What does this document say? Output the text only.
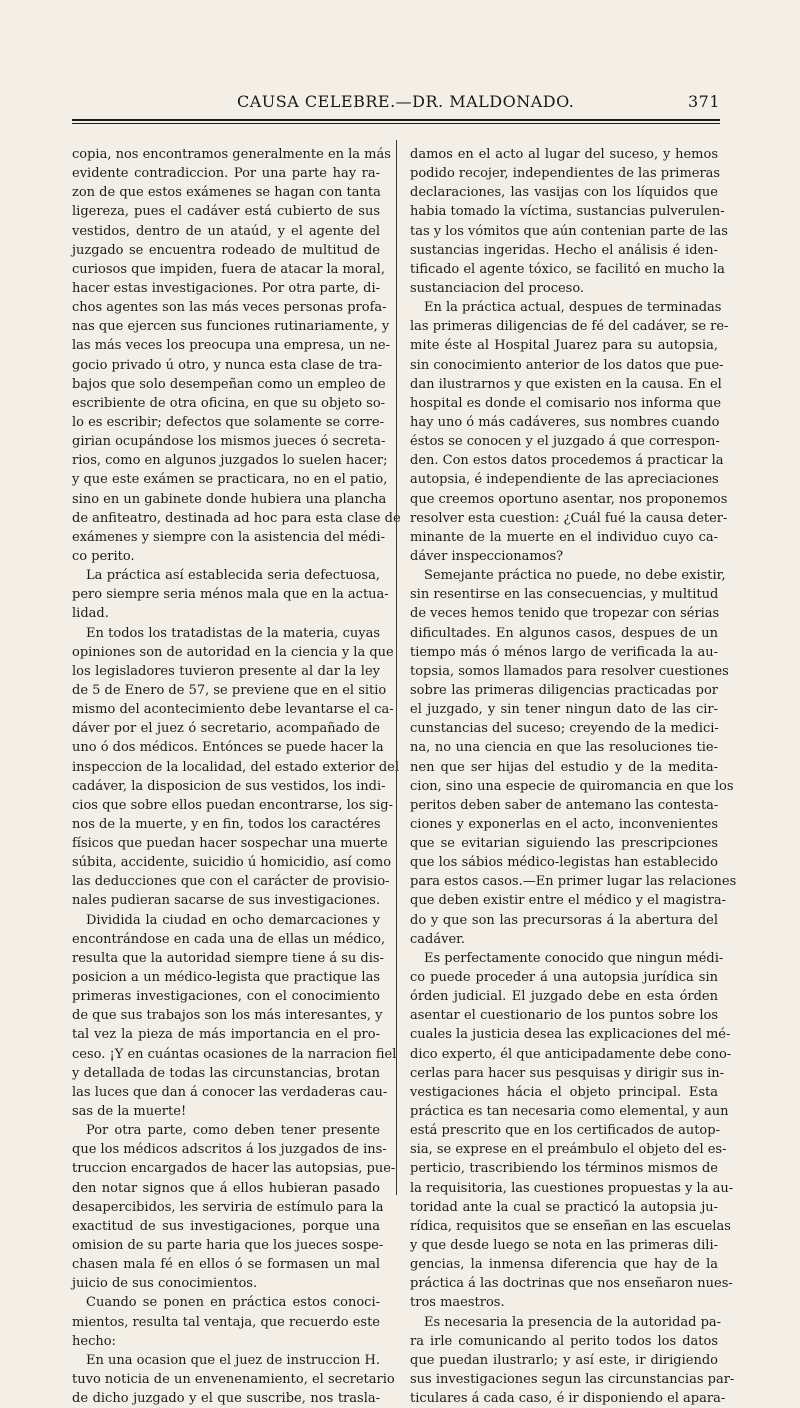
CAUSA CELEBRE.—DR. MALDONADO.	371
copia, nos encontramos generalmente en la más
evidente contradiccion. Por una parte hay ra-
zon de que estos exámenes se hagan con tanta
ligereza, pues el cadáver está cubierto de sus
vestidos, dentro de un ataúd, y el agente del
juzgado se encuentra rodeado de multitud de
curiosos que impiden, fuera de atacar la moral,
hacer estas investigaciones. Por otra parte, di-
chos agentes son las más veces personas profa-
nas que ejercen sus funciones rutinariamente, y
las más veces los preocupa una empresa, un ne-
gocio privado ú otro, y nunca esta clase de tra-
bajos que solo desempeñan como un empleo de
escribiente de otra oficina, en que su objeto so-
lo es escribir; defectos que solamente se corre-
girian ocupándose los mismos jueces ó secreta-
rios, como en algunos juzgados lo suelen hacer;
y que este exámen se practicara, no en el patio,
sino en un gabinete donde hubiera una plancha
de anfiteatro, destinada ad hoc para esta clase de
exámenes y siempre con la asistencia del médi-
co perito.
La práctica así establecida seria defectuosa,
pero siempre seria ménos mala que en la actua-
lidad.
En todos los tratadistas de la materia, cuyas
opiniones son de autoridad en la ciencia y la que
los legisladores tuvieron presente al dar la ley
de 5 de Enero de 57, se previene que en el sitio
mismo del acontecimiento debe levantarse el ca-
dáver por el juez ó secretario, acompañado de
uno ó dos médicos. Entónces se puede hacer la
inspeccion de la localidad, del estado exterior del
cadáver, la disposicion de sus vestidos, los indi-
cios que sobre ellos puedan encontrarse, los sig-
nos de la muerte, y en fin, todos los caractéres
físicos que puedan hacer sospechar una muerte
súbita, accidente, suicidio ú homicidio, así como
las deducciones que con el carácter de provisio-
nales pudieran sacarse de sus investigaciones.
Dividida la ciudad en ocho demarcaciones y
encontrándose en cada una de ellas un médico,
resulta que la autoridad siempre tiene á su dis-
posicion a un médico-legista que practique las
primeras investigaciones, con el conocimiento
de que sus trabajos son los más interesantes, y
tal vez la pieza de más importancia en el pro-
ceso. ¡Y en cuántas ocasiones de la narracion fiel
y detallada de todas las circunstancias, brotan
las luces que dan á conocer las verdaderas cau-
sas de la muerte!
Por otra parte, como deben tener presente
que los médicos adscritos á los juzgados de ins-
truccion encargados de hacer las autopsias, pue-
den notar signos que á ellos hubieran pasado
desapercibidos, les serviria de estímulo para la
exactitud de sus investigaciones, porque una
omision de su parte haria que los jueces sospe-
chasen mala fé en ellos ó se formasen un mal
juicio de sus conocimientos.
Cuando se ponen en práctica estos conoci-
mientos, resulta tal ventaja, que recuerdo este
hecho:
En una ocasion que el juez de instruccion H.
tuvo noticia de un envenenamiento, el secretario
de dicho juzgado y el que suscribe, nos trasla-
damos en el acto al lugar del suceso, y hemos
podido recojer, independientes de las primeras
declaraciones, las vasijas con los líquidos que
habia tomado la víctima, sustancias pulverulen-
tas y los vómitos que aún contenian parte de las
sustancias ingeridas. Hecho el análisis é iden-
tificado el agente tóxico, se facilitó en mucho la
sustanciacion del proceso.
En la práctica actual, despues de terminadas
las primeras diligencias de fé del cadáver, se re-
mite éste al Hospital Juarez para su autopsia,
sin conocimiento anterior de los datos que pue-
dan ilustrarnos y que existen en la causa. En el
hospital es donde el comisario nos informa que
hay uno ó más cadáveres, sus nombres cuando
éstos se conocen y el juzgado á que correspon-
den. Con estos datos procedemos á practicar la
autopsia, é independiente de las apreciaciones
que creemos oportuno asentar, nos proponemos
resolver esta cuestion: ¿Cuál fué la causa deter-
minante de la muerte en el individuo cuyo ca-
dáver inspeccionamos?
Semejante práctica no puede, no debe existir,
sin resentirse en las consecuencias, y multitud
de veces hemos tenido que tropezar con sérias
dificultades. En algunos casos, despues de un
tiempo más ó ménos largo de verificada la au-
topsia, somos llamados para resolver cuestiones
sobre las primeras diligencias practicadas por
el juzgado, y sin tener ningun dato de las cir-
cunstancias del suceso; creyendo de la medici-
na, no una ciencia en que las resoluciones tie-
nen que ser hijas del estudio y de la medita-
cion, sino una especie de quiromancia en que los
peritos deben saber de antemano las contesta-
ciones y exponerlas en el acto, inconvenientes
que se evitarian siguiendo las prescripciones
que los sábios médico-legistas han establecido
para estos casos.—En primer lugar las relaciones
que deben existir entre el médico y el magistra-
do y que son las precursoras á la abertura del
cadáver.
Es perfectamente conocido que ningun médi-
co puede proceder á una autopsia jurídica sin
órden judicial. El juzgado debe en esta órden
asentar el cuestionario de los puntos sobre los
cuales la justicia desea las explicaciones del mé-
dico experto, él que anticipadamente debe cono-
cerlas para hacer sus pesquisas y dirigir sus in-
vestigaciones hácia el objeto principal. Esta
práctica es tan necesaria como elemental, y aun
está prescrito que en los certificados de autop-
sia, se exprese en el preámbulo el objeto del es-
perticio, trascribiendo los términos mismos de
la requisitoria, las cuestiones propuestas y la au-
toridad ante la cual se practicó la autopsia ju-
rídica, requisitos que se enseñan en las escuelas
y que desde luego se nota en las primeras dili-
gencias, la inmensa diferencia que hay de la
práctica á las doctrinas que nos enseñaron nues-
tros maestros.
Es necesaria la presencia de la autoridad pa-
ra irle comunicando al perito todos los datos
que puedan ilustrarlo; y así este, ir dirigiendo
sus investigaciones segun las circunstancias par-
ticulares á cada caso, é ir disponiendo el apara-
